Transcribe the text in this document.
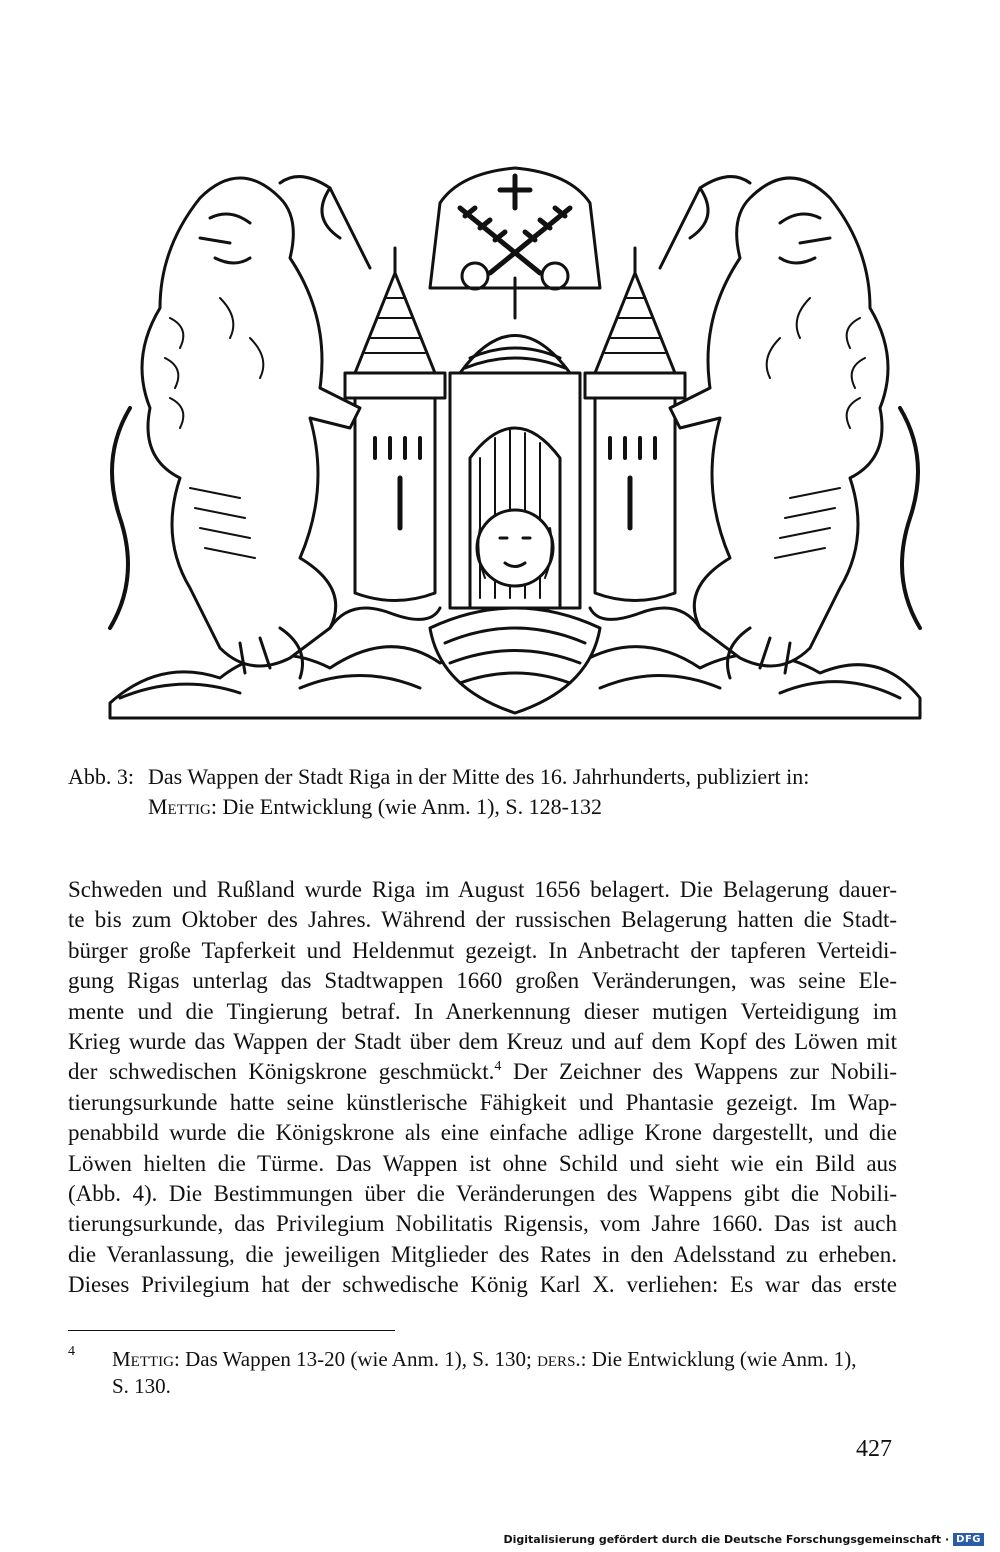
Abb. 3: Das Wappen der Stadt Riga in der Mitte des 16. Jahrhunderts, publiziert in:
Mettig: Die Entwicklung (wie Anm. 1), S. 128-132
Schweden und Rußland wurde Riga im August 1656 belagert. Die Belagerung dauer-
te bis zum Oktober des Jahres. Während der russischen Belagerung hatten die Stadt-
bürger große Tapferkeit und Heldenmut gezeigt. In Anbetracht der tapferen Verteidi-
gung Rigas unterlag das Stadtwappen 1660 großen Veränderungen, was seine Ele-
mente und die Tingierung betraf. In Anerkennung dieser mutigen Verteidigung im
Krieg wurde das Wappen der Stadt über dem Kreuz und auf dem Kopf des Löwen mit
der schwedischen Königskrone geschmückt.$^4$ Der Zeichner des Wappens zur Nobili-
tierungsurkunde hatte seine künstlerische Fähigkeit und Phantasie gezeigt. Im Wap-
penabbild wurde die Königskrone als eine einfache adlige Krone dargestellt, und die
Löwen hielten die Türme. Das Wappen ist ohne Schild und sieht wie ein Bild aus
(Abb. 4). Die Bestimmungen über die Veränderungen des Wappens gibt die Nobili-
tierungsurkunde, das Privilegium Nobilitatis Rigensis, vom Jahre 1660. Das ist auch
die Veranlassung, die jeweiligen Mitglieder des Rates in den Adelsstand zu erheben.
Dieses Privilegium hat der schwedische König Karl X. verliehen: Es war das erste
4 Mettig: Das Wappen 13-20 (wie Anm. 1), S. 130; ders.: Die Entwicklung (wie Anm. 1),
S. 130.
427
Digitalisierung gefördert durch die Deutsche Forschungsgemeinschaft · DFG
